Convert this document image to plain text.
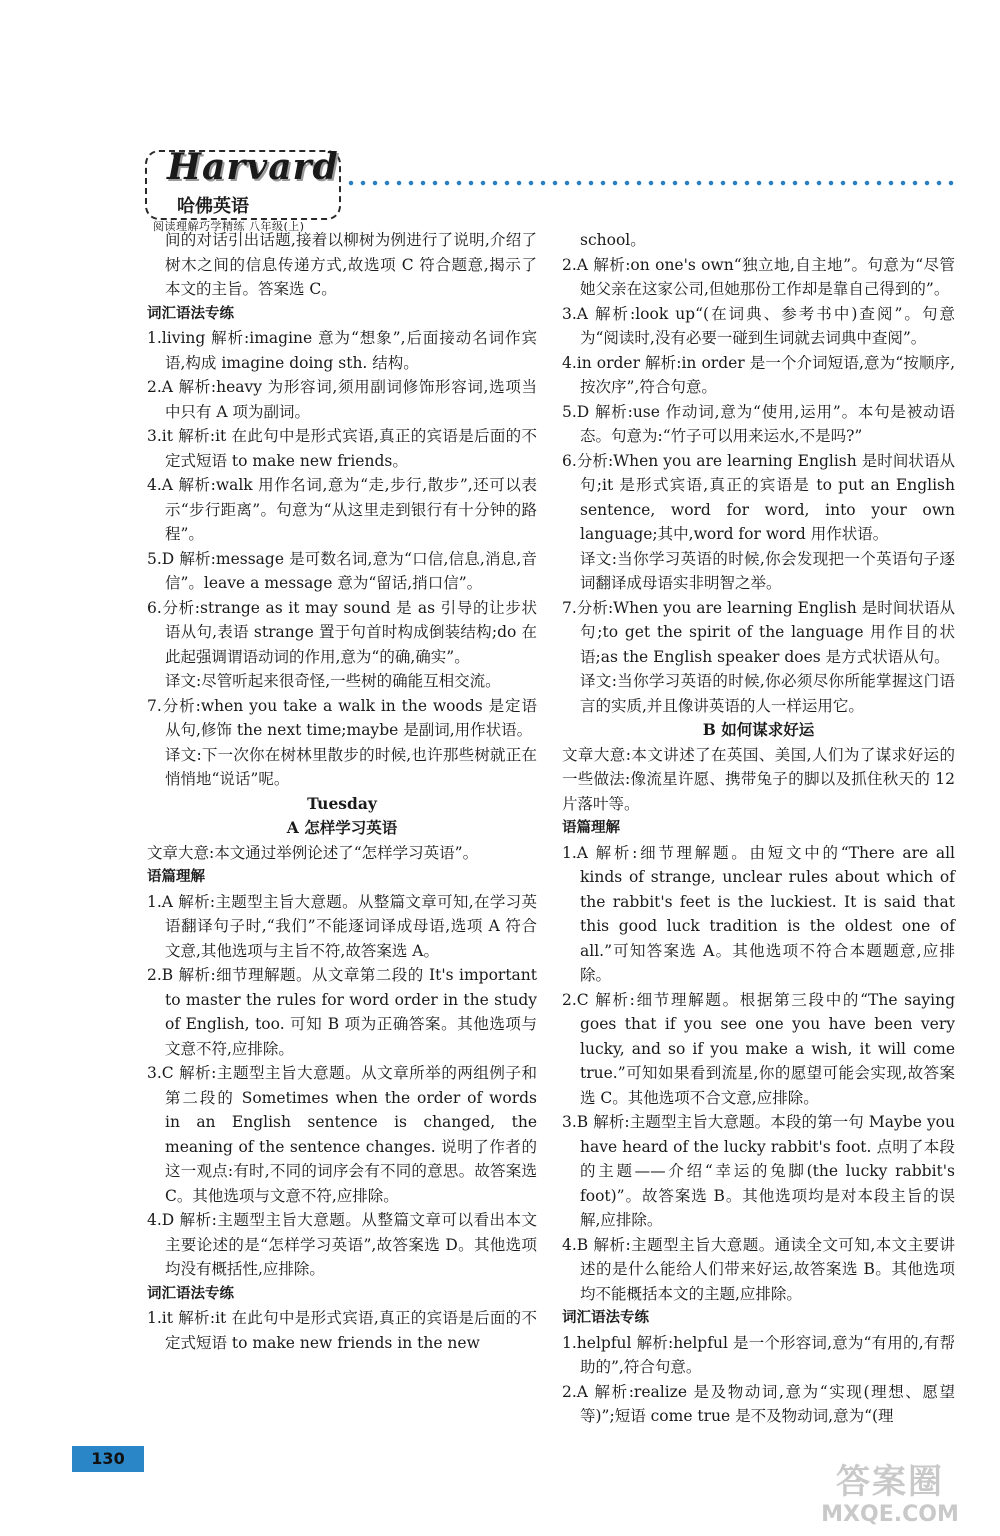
Harvard
哈佛英语
阅读理解巧学精练 八年级(上)

间的对话引出话题,接着以柳树为例进行了说明,介绍了树木之间的信息传递方式,故选项 C 符合题意,揭示了本文的主旨。答案选 C。

词汇语法专练

1.living 解析:imagine 意为“想象”,后面接动名词作宾语,构成 imagine doing sth. 结构。

2.A 解析:heavy 为形容词,须用副词修饰形容词,选项当中只有 A 项为副词。

3.it 解析:it 在此句中是形式宾语,真正的宾语是后面的不定式短语 to make new friends。

4.A 解析:walk 用作名词,意为“走,步行,散步”,还可以表示“步行距离”。句意为“从这里走到银行有十分钟的路程”。

5.D 解析:message 是可数名词,意为“口信,信息,消息,音信”。leave a message 意为“留话,捎口信”。

6.分析:strange as it may sound 是 as 引导的让步状语从句,表语 strange 置于句首时构成倒装结构;do 在此起强调谓语动词的作用,意为“的确,确实”。

译文:尽管听起来很奇怪,一些树的确能互相交流。

7.分析:when you take a walk in the woods 是定语从句,修饰 the next time;maybe 是副词,用作状语。

译文:下一次你在树林里散步的时候,也许那些树就正在悄悄地“说话”呢。

Tuesday

A 怎样学习英语

文章大意:本文通过举例论述了“怎样学习英语”。

语篇理解

1.A 解析:主题型主旨大意题。从整篇文章可知,在学习英语翻译句子时,“我们”不能逐词译成母语,选项 A 符合文意,其他选项与主旨不符,故答案选 A。

2.B 解析:细节理解题。从文章第二段的 It's important to master the rules for word order in the study of English, too. 可知 B 项为正确答案。其他选项与文意不符,应排除。

3.C 解析:主题型主旨大意题。从文章所举的两组例子和第二段的 Sometimes when the order of words in an English sentence is changed, the meaning of the sentence changes. 说明了作者的这一观点:有时,不同的词序会有不同的意思。故答案选 C。其他选项与文意不符,应排除。

4.D 解析:主题型主旨大意题。从整篇文章可以看出本文主要论述的是“怎样学习英语”,故答案选 D。其他选项均没有概括性,应排除。

词汇语法专练

1.it 解析:it 在此句中是形式宾语,真正的宾语是后面的不定式短语 to make new friends in the new

school。

2.A 解析:on one's own“独立地,自主地”。句意为“尽管她父亲在这家公司,但她那份工作却是靠自己得到的”。

3.A 解析:look up“(在词典、参考书中)查阅”。句意为“阅读时,没有必要一碰到生词就去词典中查阅”。

4.in order 解析:in order 是一个介词短语,意为“按顺序,按次序”,符合句意。

5.D 解析:use 作动词,意为“使用,运用”。本句是被动语态。句意为:“竹子可以用来运水,不是吗?”

6.分析:When you are learning English 是时间状语从句;it 是形式宾语,真正的宾语是 to put an English sentence, word for word, into your own language;其中,word for word 用作状语。

译文:当你学习英语的时候,你会发现把一个英语句子逐词翻译成母语实非明智之举。

7.分析:When you are learning English 是时间状语从句;to get the spirit of the language 用作目的状语;as the English speaker does 是方式状语从句。

译文:当你学习英语的时候,你必须尽你所能掌握这门语言的实质,并且像讲英语的人一样运用它。

B 如何谋求好运

文章大意:本文讲述了在英国、美国,人们为了谋求好运的一些做法:像流星许愿、携带兔子的脚以及抓住秋天的 12 片落叶等。

语篇理解

1.A 解析:细节理解题。由短文中的“There are all kinds of strange, unclear rules about which of the rabbit's feet is the luckiest. It is said that this good luck tradition is the oldest one of all.”可知答案选 A。其他选项不符合本题题意,应排除。

2.C 解析:细节理解题。根据第三段中的“The saying goes that if you see one you have been very lucky, and so if you make a wish, it will come true.”可知如果看到流星,你的愿望可能会实现,故答案选 C。其他选项不合文意,应排除。

3.B 解析:主题型主旨大意题。本段的第一句 Maybe you have heard of the lucky rabbit's foot. 点明了本段的主题——介绍“幸运的兔脚(the lucky rabbit's foot)”。故答案选 B。其他选项均是对本段主旨的误解,应排除。

4.B 解析:主题型主旨大意题。通读全文可知,本文主要讲述的是什么能给人们带来好运,故答案选 B。其他选项均不能概括本文的主题,应排除。

词汇语法专练

1.helpful 解析:helpful 是一个形容词,意为“有用的,有帮助的”,符合句意。

2.A 解析:realize 是及物动词,意为“实现(理想、愿望等)”;短语 come true 是不及物动词,意为“(理

130
答案圈
MXQE.COM
